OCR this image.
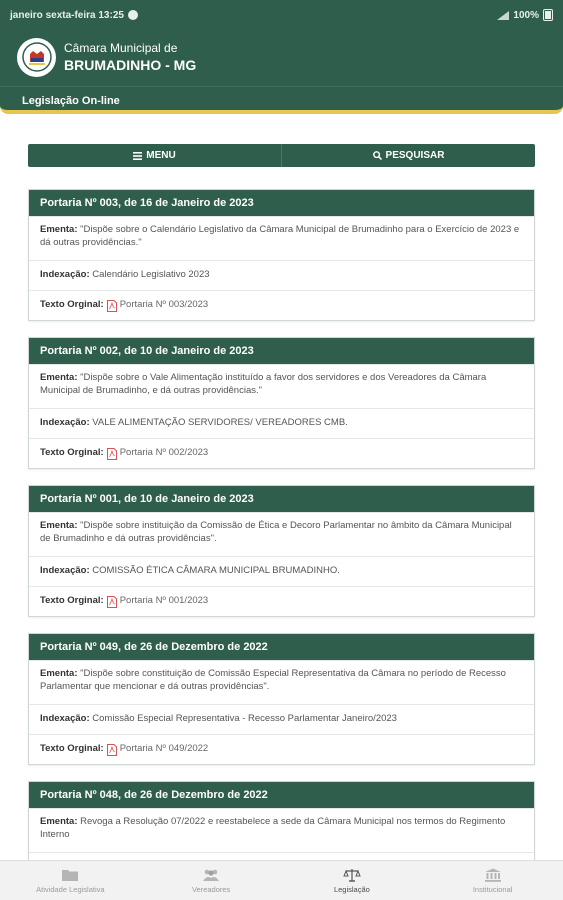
janeiro sexta-feira 13:25	100%
Câmara Municipal de
BRUMADINHO - MG
Legislação On-line
MENU	PESQUISAR
Portaria Nº 003, de 16 de Janeiro de 2023
Ementa: "Dispõe sobre o Calendário Legislativo da Câmara Municipal de Brumadinho para o Exercício de 2023 e dá outras providências."
Indexação:
Calendário Legislativo 2023
Texto Orginal: Portaria Nº 003/2023
Portaria Nº 002, de 10 de Janeiro de 2023
Ementa: "Dispõe sobre o Vale Alimentação instituído a favor dos servidores e dos Vereadores da Câmara Municipal de Brumadinho, e dá outras providências."
Indexação:
VALE ALIMENTAÇÃO SERVIDORES/ VEREADORES CMB.
Texto Orginal: Portaria Nº 002/2023
Portaria Nº 001, de 10 de Janeiro de 2023
Ementa: "Dispõe sobre instituição da Comissão de Ética e Decoro Parlamentar no âmbito da Câmara Municipal de Brumadinho e dá outras providências".
Indexação:
COMISSÃO ÉTICA CÂMARA MUNICIPAL BRUMADINHO.
Texto Orginal: Portaria Nº 001/2023
Portaria Nº 049, de 26 de Dezembro de 2022
Ementa: "Dispõe sobre constituição de Comissão Especial Representativa da Câmara no período de Recesso Parlamentar que mencionar e dá outras providências".
Indexação:
Comissão Especial Representativa - Recesso Parlamentar Janeiro/2023
Texto Orginal: Portaria Nº 049/2022
Portaria Nº 048, de 26 de Dezembro de 2022
Ementa: Revoga a Resolução 07/2022 e reestabelece a sede da Câmara Municipal nos termos do Regimento Interno

Atividade Legislativa	Vereadores	Legislação	Institucional
